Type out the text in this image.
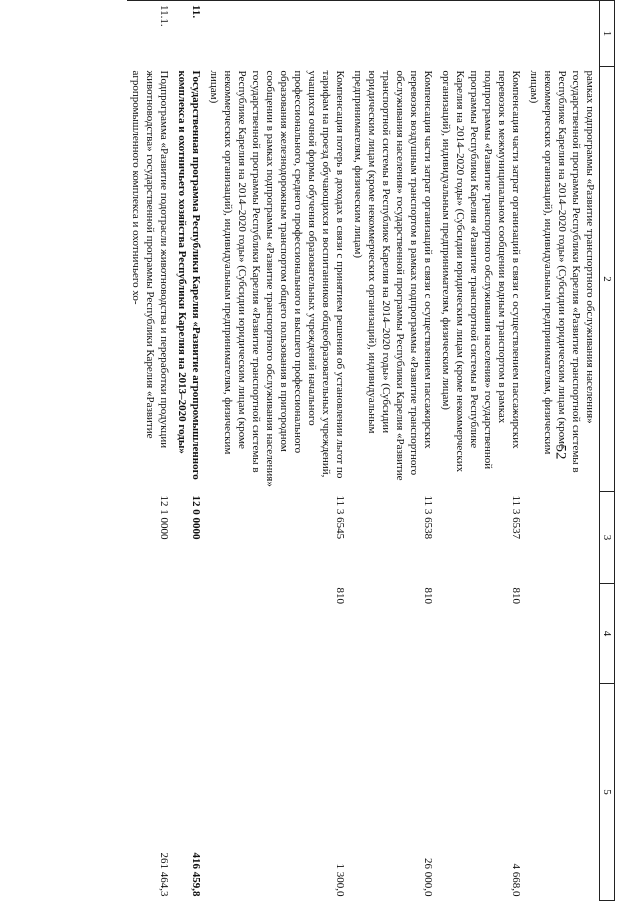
52
1	2	3	4	5
	рамках подпрограммы «Развитие транспортного обслуживания населения» государственной программы Республики Карелия «Развитие транспортной системы в Республике Карелия на 2014–2020 годы» (Субсидии юридическим лицам (кроме некоммерческих организаций), индивидуальным предпринимателям, физическим лицам)			
	Компенсация части затрат организаций в связи с осуществлением пассажирских перевозок в межмуниципальном сообщении водным транспортом в рамках подпрограммы «Развитие транспортного обслуживания населения» государственной программы Республики Карелия «Развитие транспортной системы в Республике Карелия на 2014–2020 годы» (Субсидии юридическим лицам (кроме некоммерческих организаций), индивидуальным предпринимателям, физическим лицам)	11 3 6537	810	4 668,0
	Компенсация части затрат организаций в связи с осуществлением пассажирских перевозок воздушным транспортом в рамках подпрограммы «Развитие транспортного обслуживания населения» государственной программы Республики Карелия «Развитие транспортной системы в Республике Карелия на 2014–2020 годы» (Субсидии юридическим лицам (кроме некоммерческих организаций), индивидуальным предпринимателям, физическим лицам)	11 3 6538	810	26 000,0
	Компенсация потерь в доходах в связи с принятием решения об установлении льгот по тарифам на проезд обучающихся и воспитанников общеобразовательных учреждений, учащихся очной формы обучения образовательных учреждений начального профессионального, среднего профессионального и высшего профессионального образования железнодорожным транспортом общего пользования в пригородном сообщении в рамках подпрограммы «Развитие транспортного обслуживания населения» государственной программы Республики Карелия «Развитие транспортной системы в Республике Карелия на 2014–2020 годы» (Субсидии юридическим лицам (кроме некоммерческих организаций), индивидуальным предпринимателям, физическим лицам)	11 3 6545	810	1 300,0
11.	Государственная программа Республики Карелия «Развитие агропромышленного комплекса и охотничьего хозяйства Республики Карелия на 2013–2020 годы»	12 0 0000		416 459,8
11.1.	Подпрограмма «Развитие подотрасли животноводства и переработки продукции животноводства» государственной программы Республики Карелия «Развитие агропромышленного комплекса и охотничьего хо-	12 1 0000		261 464,3
